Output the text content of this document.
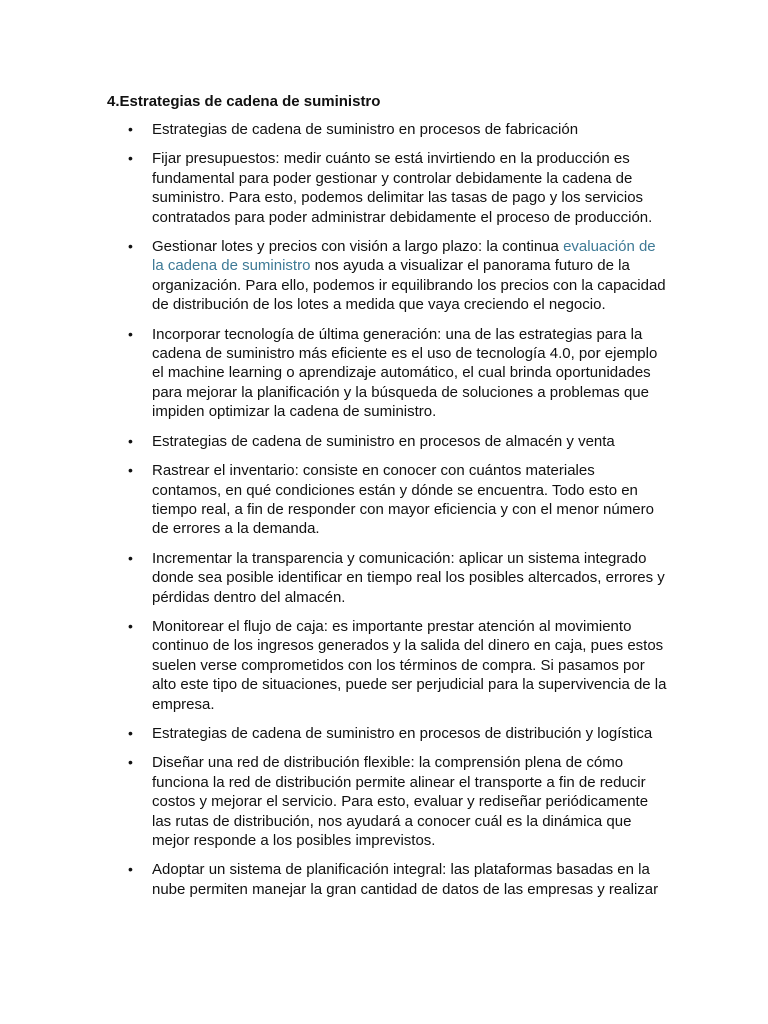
4.Estrategias de cadena de suministro
• Estrategias de cadena de suministro en procesos de fabricación
• Fijar presupuestos: medir cuánto se está invirtiendo en la producción es fundamental para poder gestionar y controlar debidamente la cadena de suministro. Para esto, podemos delimitar las tasas de pago y los servicios contratados para poder administrar debidamente el proceso de producción.
• Gestionar lotes y precios con visión a largo plazo: la continua evaluación de la cadena de suministro nos ayuda a visualizar el panorama futuro de la organización. Para ello, podemos ir equilibrando los precios con la capacidad de distribución de los lotes a medida que vaya creciendo el negocio.
• Incorporar tecnología de última generación: una de las estrategias para la cadena de suministro más eficiente es el uso de tecnología 4.0, por ejemplo el machine learning o aprendizaje automático, el cual brinda oportunidades para mejorar la planificación y la búsqueda de soluciones a problemas que impiden optimizar la cadena de suministro.
• Estrategias de cadena de suministro en procesos de almacén y venta
• Rastrear el inventario: consiste en conocer con cuántos materiales contamos, en qué condiciones están y dónde se encuentra. Todo esto en tiempo real, a fin de responder con mayor eficiencia y con el menor número de errores a la demanda.
• Incrementar la transparencia y comunicación: aplicar un sistema integrado donde sea posible identificar en tiempo real los posibles altercados, errores y pérdidas dentro del almacén.
• Monitorear el flujo de caja: es importante prestar atención al movimiento continuo de los ingresos generados y la salida del dinero en caja, pues estos suelen verse comprometidos con los términos de compra. Si pasamos por alto este tipo de situaciones, puede ser perjudicial para la supervivencia de la empresa.
• Estrategias de cadena de suministro en procesos de distribución y logística
• Diseñar una red de distribución flexible: la comprensión plena de cómo funciona la red de distribución permite alinear el transporte a fin de reducir costos y mejorar el servicio. Para esto, evaluar y rediseñar periódicamente las rutas de distribución, nos ayudará a conocer cuál es la dinámica que mejor responde a los posibles imprevistos.
• Adoptar un sistema de planificación integral: las plataformas basadas en la nube permiten manejar la gran cantidad de datos de las empresas y realizar
